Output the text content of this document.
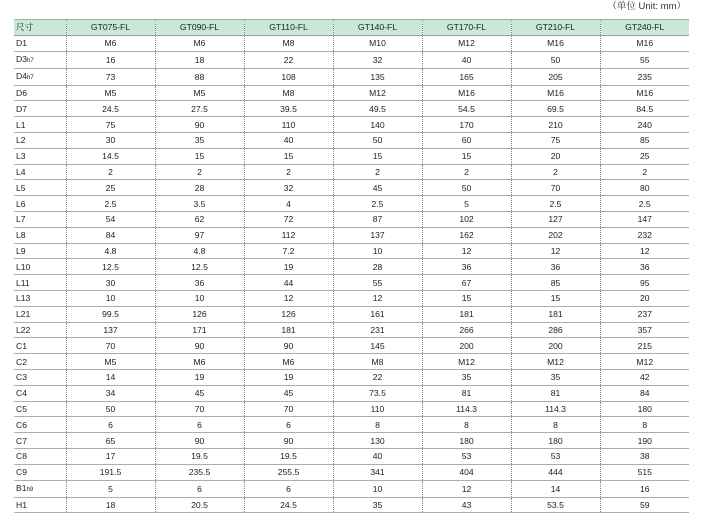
（单位 Unit: mm）
尺寸	GT075-FL	GT090-FL	GT110-FL	GT140-FL	GT170-FL	GT210-FL	GT240-FL
D1	M6	M6	M8	M10	M12	M16	M16
D3h7	16	18	22	32	40	50	55
D4h7	73	88	108	135	165	205	235
D6	M5	M5	M8	M12	M16	M16	M16
D7	24.5	27.5	39.5	49.5	54.5	69.5	84.5
L1	75	90	110	140	170	210	240
L2	30	35	40	50	60	75	85
L3	14.5	15	15	15	15	20	25
L4	2	2	2	2	2	2	2
L5	25	28	32	45	50	70	80
L6	2.5	3.5	4	2.5	5	2.5	2.5
L7	54	62	72	87	102	127	147
L8	84	97	112	137	162	202	232
L9	4.8	4.8	7.2	10	12	12	12
L10	12.5	12.5	19	28	36	36	36
L11	30	36	44	55	67	85	95
L13	10	10	12	12	15	15	20
L21	99.5	126	126	161	181	181	237
L22	137	171	181	231	266	286	357
C1	70	90	90	145	200	200	215
C2	M5	M6	M6	M8	M12	M12	M12
C3	14	19	19	22	35	35	42
C4	34	45	45	73.5	81	81	84
C5	50	70	70	110	114.3	114.3	180
C6	6	6	6	8	8	8	8
C7	65	90	90	130	180	180	190
C8	17	19.5	19.5	40	53	53	38
C9	191.5	235.5	255.5	341	404	444	515
B1h9	5	6	6	10	12	14	16
H1	18	20.5	24.5	35	43	53.5	59
